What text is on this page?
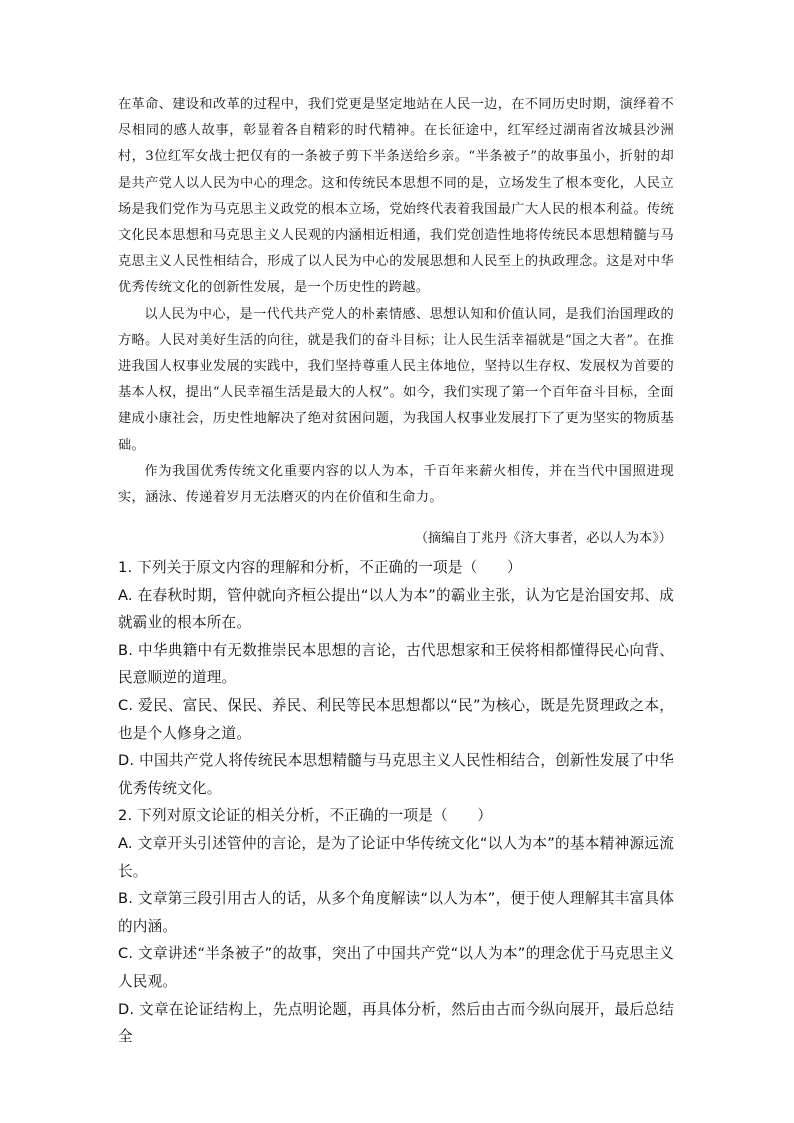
在革命、建设和改革的过程中，我们党更是坚定地站在人民一边，在不同历史时期，演绎着不尽相同的感人故事，彰显着各自精彩的时代精神。在长征途中，红军经过湖南省汝城县沙洲村，3位红军女战士把仅有的一条被子剪下半条送给乡亲。“半条被子”的故事虽小，折射的却是共产党人以人民为中心的理念。这和传统民本思想不同的是，立场发生了根本变化，人民立场是我们党作为马克思主义政党的根本立场，党始终代表着我国最广大人民的根本利益。传统文化民本思想和马克思主义人民观的内涵相近相通，我们党创造性地将传统民本思想精髓与马克思主义人民性相结合，形成了以人民为中心的发展思想和人民至上的执政理念。这是对中华优秀传统文化的创新性发展，是一个历史性的跨越。

以人民为中心，是一代代共产党人的朴素情感、思想认知和价值认同，是我们治国理政的方略。人民对美好生活的向往，就是我们的奋斗目标；让人民生活幸福就是“国之大者”。在推进我国人权事业发展的实践中，我们坚持尊重人民主体地位，坚持以生存权、发展权为首要的基本人权，提出“人民幸福生活是最大的人权”。如今，我们实现了第一个百年奋斗目标，全面建成小康社会，历史性地解决了绝对贫困问题，为我国人权事业发展打下了更为坚实的物质基础。

作为我国优秀传统文化重要内容的以人为本，千百年来薪火相传，并在当代中国照进现实，涵泳、传递着岁月无法磨灭的内在价值和生命力。

（摘编自丁兆丹《济大事者，必以人为本》）

1. 下列关于原文内容的理解和分析，不正确的一项是（　　）

A. 在春秋时期，管仲就向齐桓公提出“以人为本”的霸业主张，认为它是治国安邦、成就霸业的根本所在。

B. 中华典籍中有无数推崇民本思想的言论，古代思想家和王侯将相都懂得民心向背、民意顺逆的道理。

C. 爱民、富民、保民、养民、利民等民本思想都以“民”为核心，既是先贤理政之本，也是个人修身之道。

D. 中国共产党人将传统民本思想精髓与马克思主义人民性相结合，创新性发展了中华优秀传统文化。

2. 下列对原文论证的相关分析，不正确的一项是（　　）

A. 文章开头引述管仲的言论，是为了论证中华传统文化“以人为本”的基本精神源远流长。

B. 文章第三段引用古人的话，从多个角度解读“以人为本”，便于使人理解其丰富具体的内涵。

C. 文章讲述“半条被子”的故事，突出了中国共产党“以人为本”的理念优于马克思主义人民观。

D. 文章在论证结构上，先点明论题，再具体分析，然后由古而今纵向展开，最后总结全
